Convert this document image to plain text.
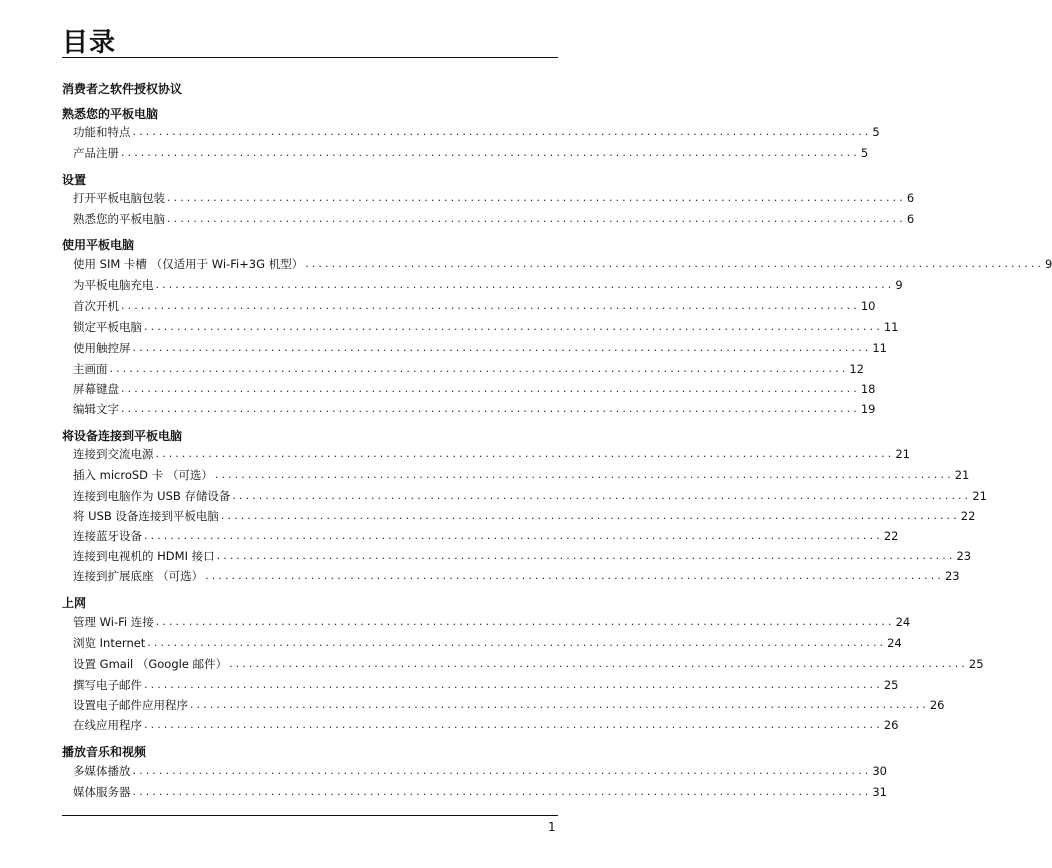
目录
消费者之软件授权协议
熟悉您的平板电脑
功能和特点 ................................................................................................................ 5
产品注册 ................................................................................................................ 5
设置
打开平板电脑包装 ................................................................................................................ 6
熟悉您的平板电脑 ................................................................................................................ 6
使用平板电脑
使用 SIM 卡槽 （仅适用于 Wi-Fi+3G 机型） ................................................................................................................ 9
为平板电脑充电 ................................................................................................................ 9
首次开机 ................................................................................................................ 10
锁定平板电脑 ................................................................................................................ 11
使用触控屏 ................................................................................................................ 11
主画面 ................................................................................................................ 12
屏幕键盘 ................................................................................................................ 18
编辑文字 ................................................................................................................ 19
将设备连接到平板电脑
连接到交流电源 ................................................................................................................ 21
插入 microSD 卡 （可选） ................................................................................................................ 21
连接到电脑作为 USB 存储设备 ................................................................................................................ 21
将 USB 设备连接到平板电脑 ................................................................................................................ 22
连接蓝牙设备 ................................................................................................................ 22
连接到电视机的 HDMI 接口 ................................................................................................................ 23
连接到扩展底座 （可选） ................................................................................................................ 23
上网
管理 Wi-Fi 连接 ................................................................................................................ 24
浏览 Internet ................................................................................................................ 24
设置 Gmail （Google 邮件） ................................................................................................................ 25
撰写电子邮件 ................................................................................................................ 25
设置电子邮件应用程序 ................................................................................................................ 26
在线应用程序 ................................................................................................................ 26
播放音乐和视频
多媒体播放 ................................................................................................................ 30
媒体服务器 ................................................................................................................ 31
1
